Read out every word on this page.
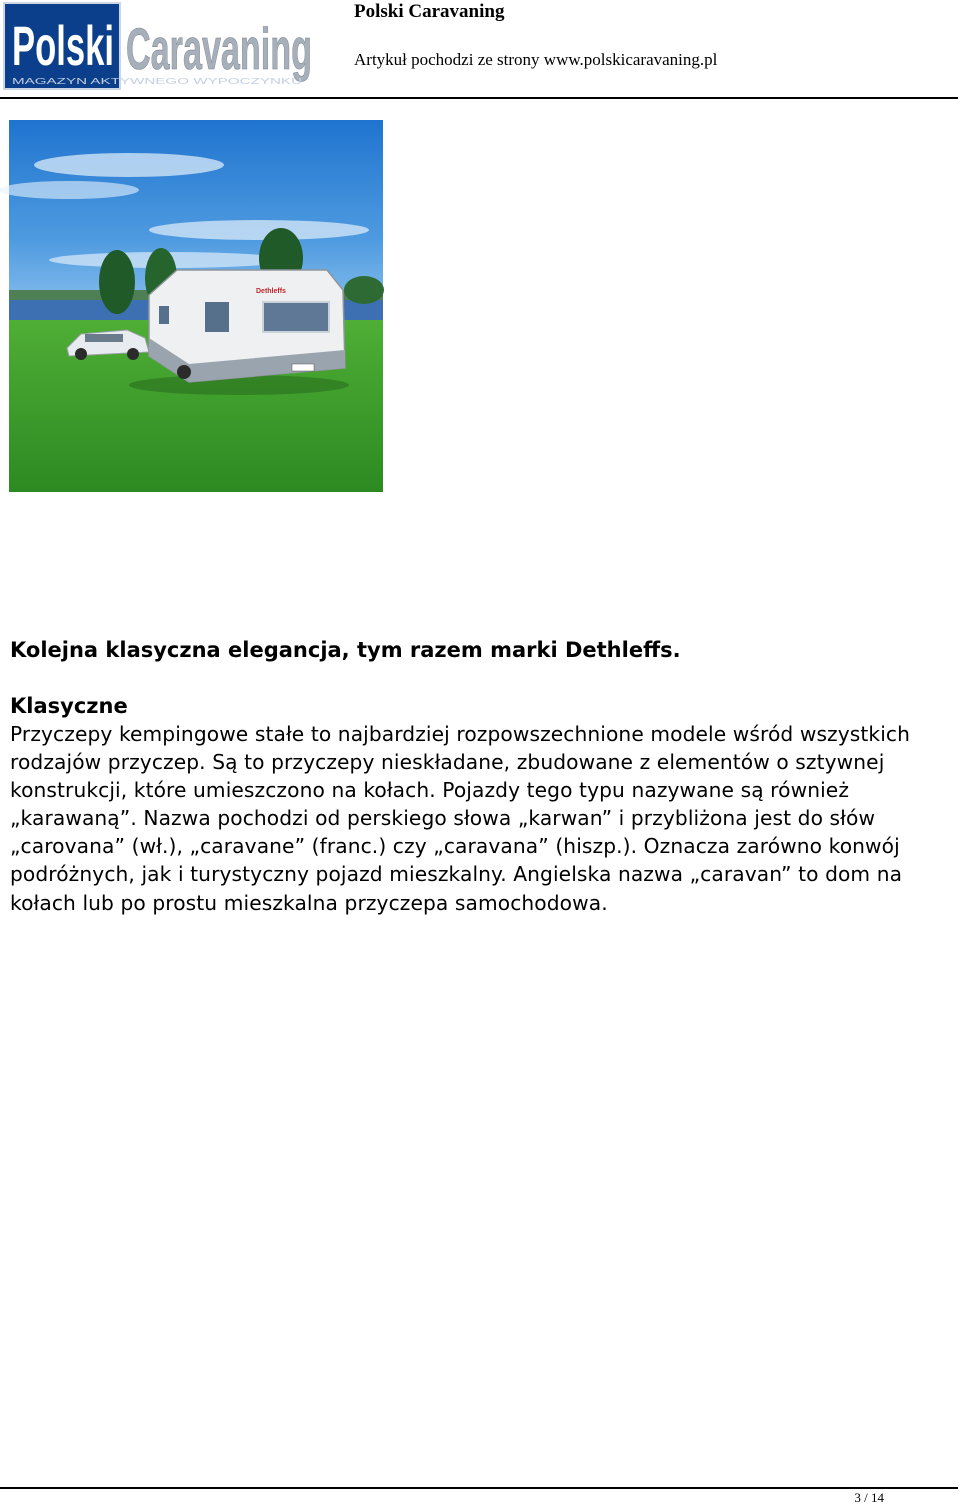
Polski Caravaning
MAGAZYN AKTYWNEGO WYPOCZYNKU
Polski Caravaning
Artykuł pochodzi ze strony www.polskicaravaning.pl
Dethleffs

Kolejna klasyczna elegancja, tym razem marki Dethleffs.

Klasyczne

Przyczepy kempingowe stałe to najbardziej rozpowszechnione modele wśród wszystkich rodzajów przyczep. Są to przyczepy nieskładane, zbudowane z elementów o sztywnej konstrukcji, które umieszczono na kołach. Pojazdy tego typu nazywane są również „karawaną”. Nazwa pochodzi od perskiego słowa „karwan” i przybliżona jest do słów „carovana” (wł.), „caravane” (franc.) czy „caravana” (hiszp.). Oznacza zarówno konwój podróżnych, jak i turystyczny pojazd mieszkalny. Angielska nazwa „caravan” to dom na kołach lub po prostu mieszkalna przyczepa samochodowa.

3 / 14
